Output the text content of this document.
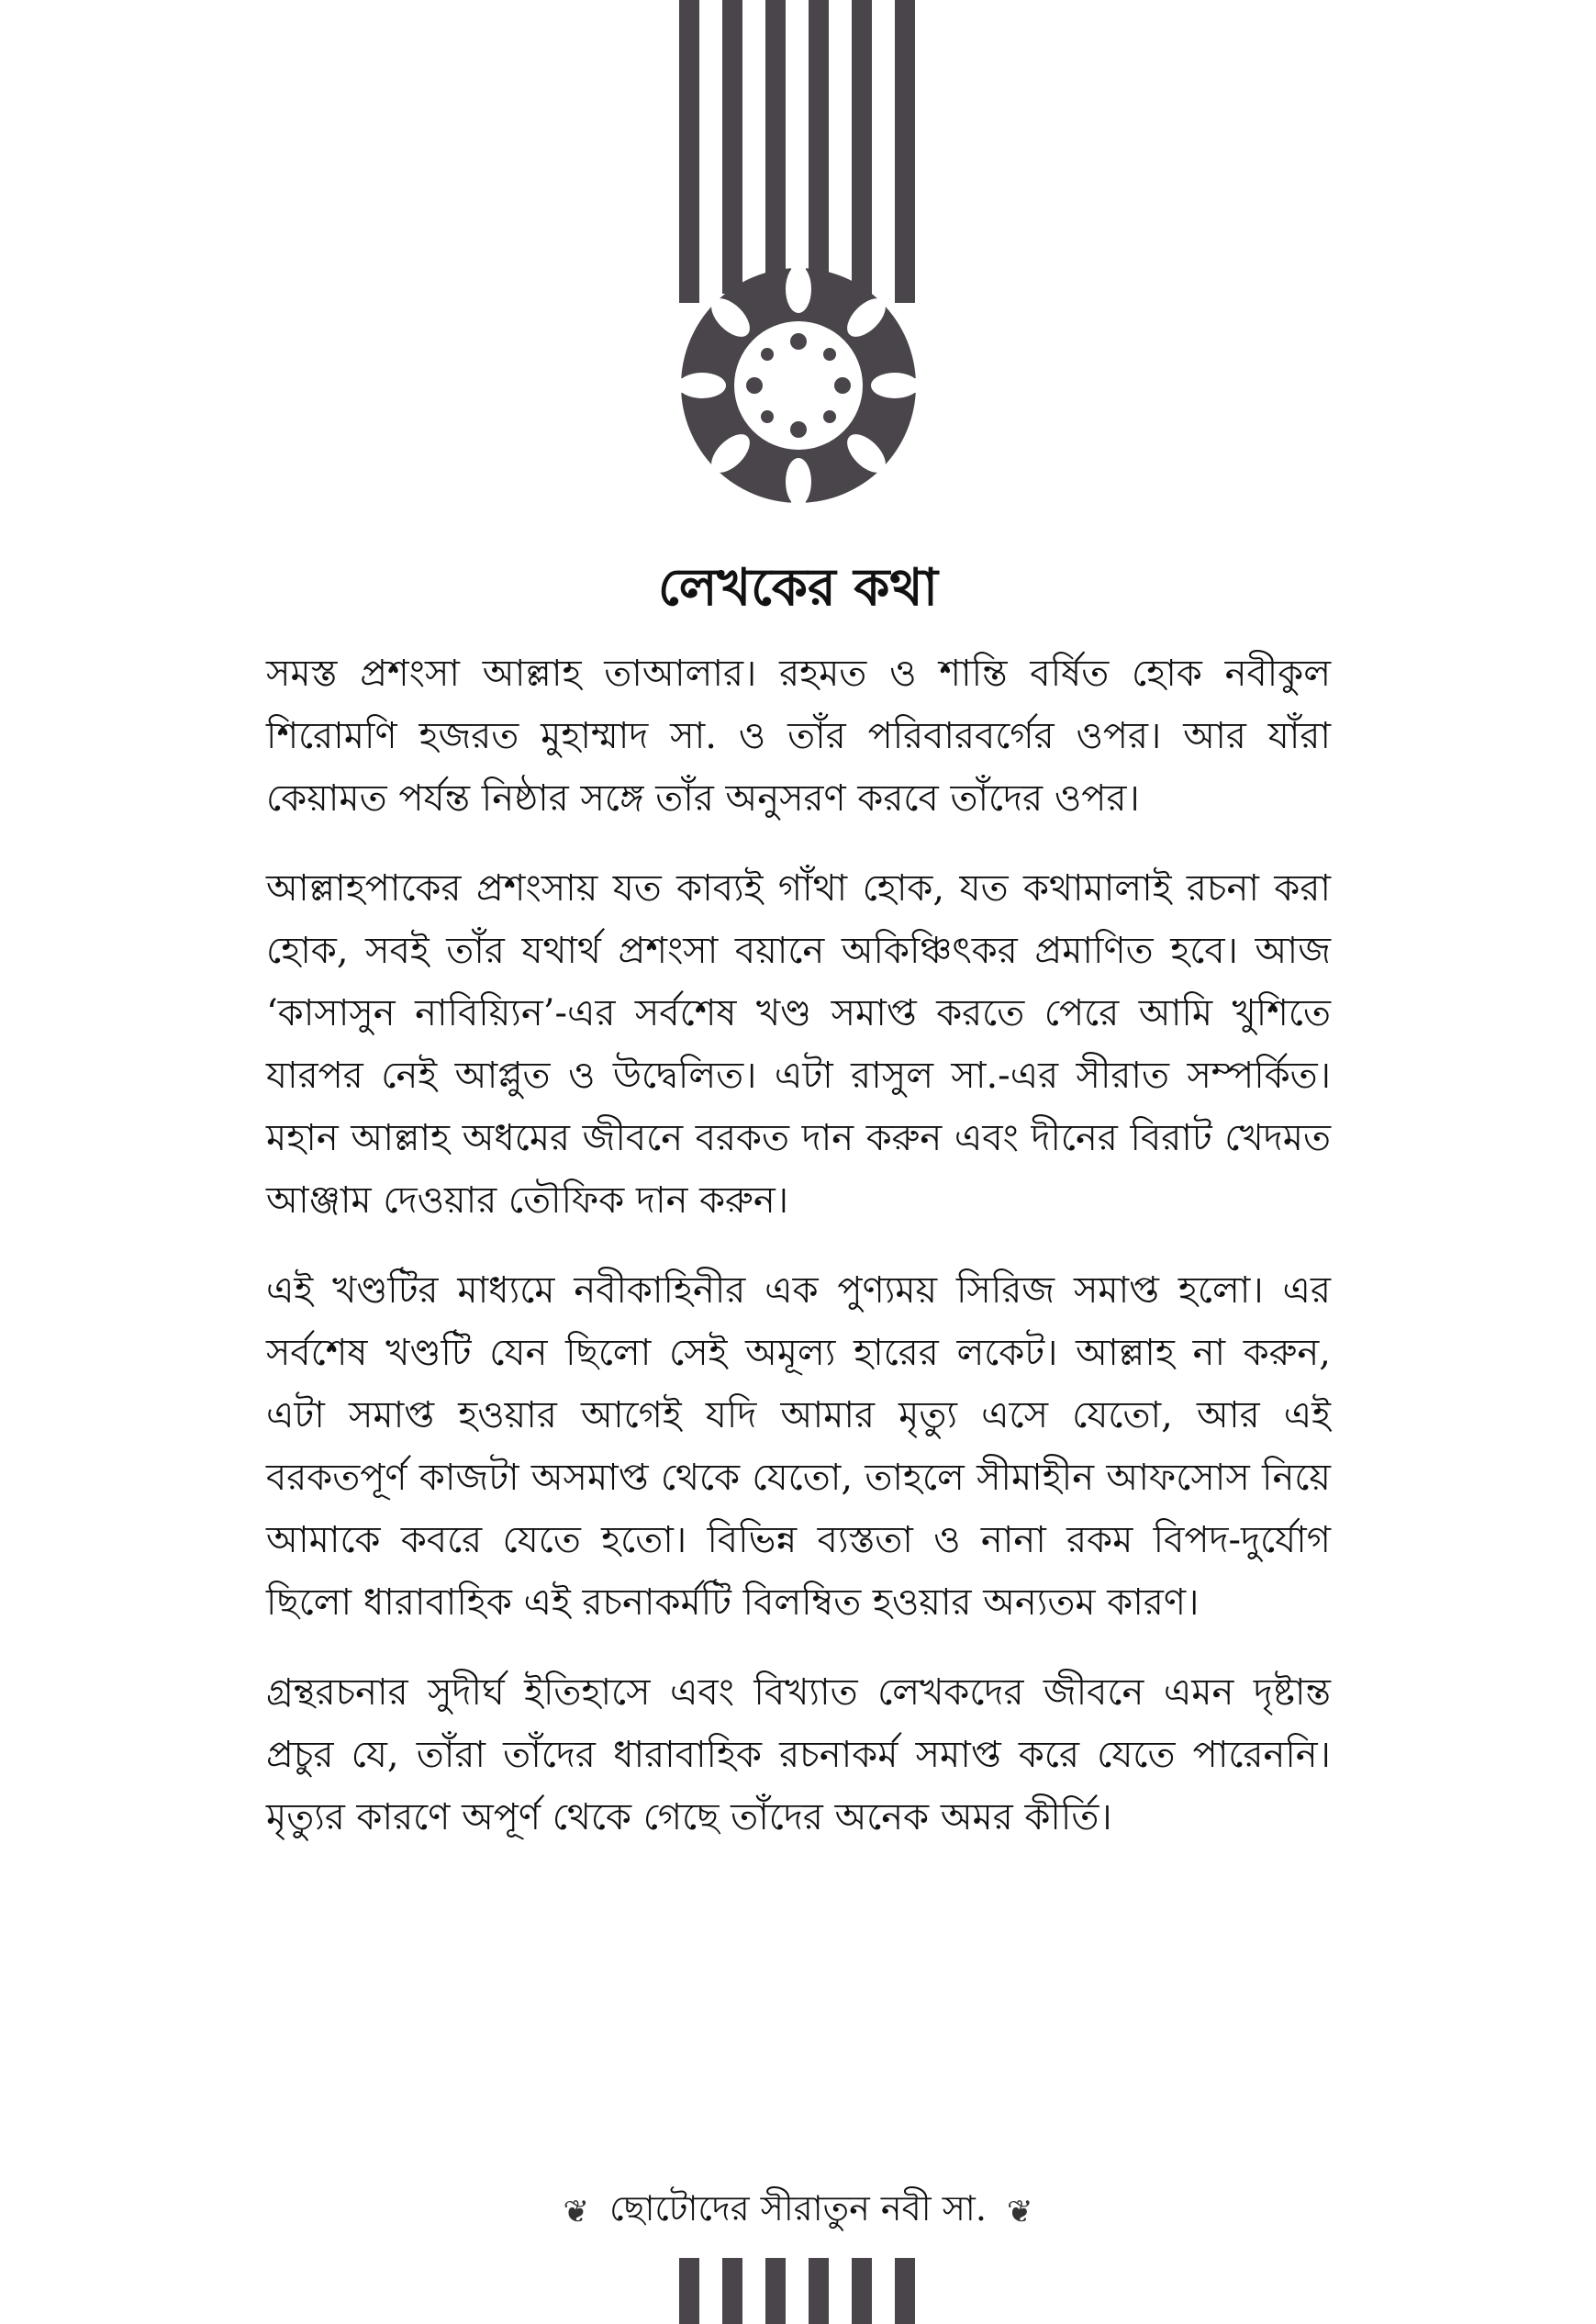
লেখকের কথা

সমস্ত প্রশংসা আল্লাহ তাআলার। রহমত ও শান্তি বর্ষিত হোক নবীকুল শিরোমণি হজরত মুহাম্মাদ সা. ও তাঁর পরিবারবর্গের ওপর। আর যাঁরা কেয়ামত পর্যন্ত নিষ্ঠার সঙ্গে তাঁর অনুসরণ করবে তাঁদের ওপর।

আল্লাহপাকের প্রশংসায় যত কাব্যই গাঁথা হোক, যত কথামালাই রচনা করা হোক, সবই তাঁর যথার্থ প্রশংসা বয়ানে অকিঞ্চিৎকর প্রমাণিত হবে। আজ ‘কাসাসুন নাবিয়্যিন’-এর সর্বশেষ খণ্ড সমাপ্ত করতে পেরে আমি খুশিতে যারপর নেই আপ্লুত ও উদ্বেলিত। এটা রাসুল সা.-এর সীরাত সম্পর্কিত। মহান আল্লাহ অধমের জীবনে বরকত দান করুন এবং দীনের বিরাট খেদমত আঞ্জাম দেওয়ার তৌফিক দান করুন।

এই খণ্ডটির মাধ্যমে নবীকাহিনীর এক পুণ্যময় সিরিজ সমাপ্ত হলো। এর সর্বশেষ খণ্ডটি যেন ছিলো সেই অমূল্য হারের লকেট। আল্লাহ না করুন, এটা সমাপ্ত হওয়ার আগেই যদি আমার মৃত্যু এসে যেতো, আর এই বরকতপূর্ণ কাজটা অসমাপ্ত থেকে যেতো, তাহলে সীমাহীন আফসোস নিয়ে আমাকে কবরে যেতে হতো। বিভিন্ন ব্যস্ততা ও নানা রকম বিপদ-দুর্যোগ ছিলো ধারাবাহিক এই রচনাকর্মটি বিলম্বিত হওয়ার অন্যতম কারণ।

গ্রন্থরচনার সুদীর্ঘ ইতিহাসে এবং বিখ্যাত লেখকদের জীবনে এমন দৃষ্টান্ত প্রচুর যে, তাঁরা তাঁদের ধারাবাহিক রচনাকর্ম সমাপ্ত করে যেতে পারেননি। মৃত্যুর কারণে অপূর্ণ থেকে গেছে তাঁদের অনেক অমর কীর্তি।

❦ ছোটোদের সীরাতুন নবী সা. ❦
